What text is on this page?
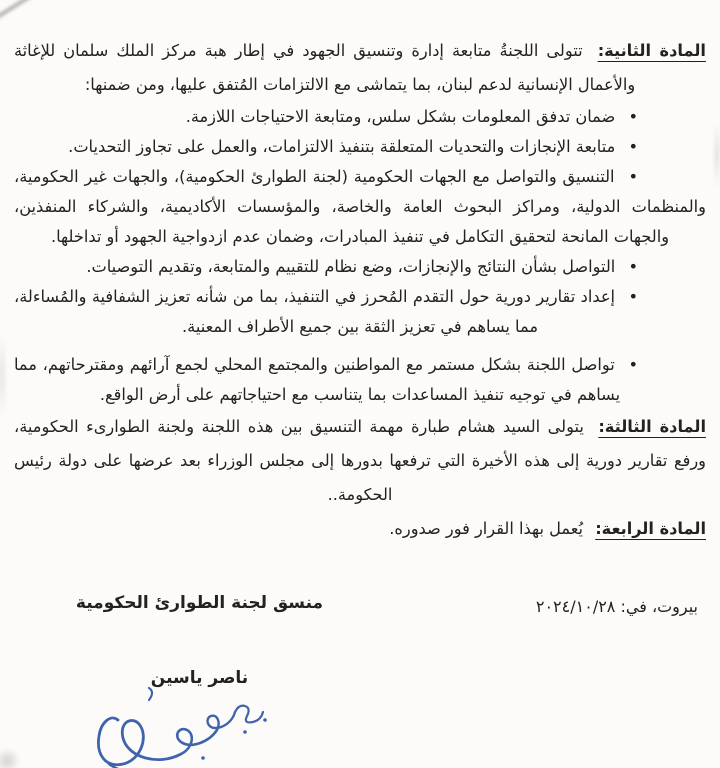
المادة الثانية: تتولى اللجنةُ متابعة إدارة وتنسيق الجهود في إطار هبة مركز الملك سلمان للإغاثة والأعمال الإنسانية لدعم لبنان، بما يتماشى مع الالتزامات المُتفق عليها، ومن ضمنها:

• ضمان تدفق المعلومات بشكل سلس، ومتابعة الاحتياجات اللازمة.

• متابعة الإنجازات والتحديات المتعلقة بتنفيذ الالتزامات، والعمل على تجاوز التحديات.

• التنسيق والتواصل مع الجهات الحكومية (لجنة الطوارئ الحكومية)، والجهات غير الحكومية، والمنظمات الدولية، ومراكز البحوث العامة والخاصة، والمؤسسات الأكاديمية، والشركاء المنفذين، والجهات المانحة لتحقيق التكامل في تنفيذ المبادرات، وضمان عدم ازدواجية الجهود أو تداخلها.

• التواصل بشأن النتائج والإنجازات، وضع نظام للتقييم والمتابعة، وتقديم التوصيات.

• إعداد تقارير دورية حول التقدم المُحرز في التنفيذ، بما من شأنه تعزيز الشفافية والمُساءلة، مما يساهم في تعزيز الثقة بين جميع الأطراف المعنية.

• تواصل اللجنة بشكل مستمر مع المواطنين والمجتمع المحلي لجمع آرائهم ومقترحاتهم، مما يساهم في توجيه تنفيذ المساعدات بما يتناسب مع احتياجاتهم على أرض الواقع.

المادة الثالثة: يتولى السيد هشام طبارة مهمة التنسيق بين هذه اللجنة ولجنة الطوارىء الحكومية، ورفع تقارير دورية إلى هذه الأخيرة التي ترفعها بدورها إلى مجلس الوزراء بعد عرضها على دولة رئيس الحكومة..

المادة الرابعة: يُعمل بهذا القرار فور صدوره.

بيروت، في: ٢٠٢٤/١٠/٢٨
منسق لجنة الطوارئ الحكومية
ناصر ياسين
